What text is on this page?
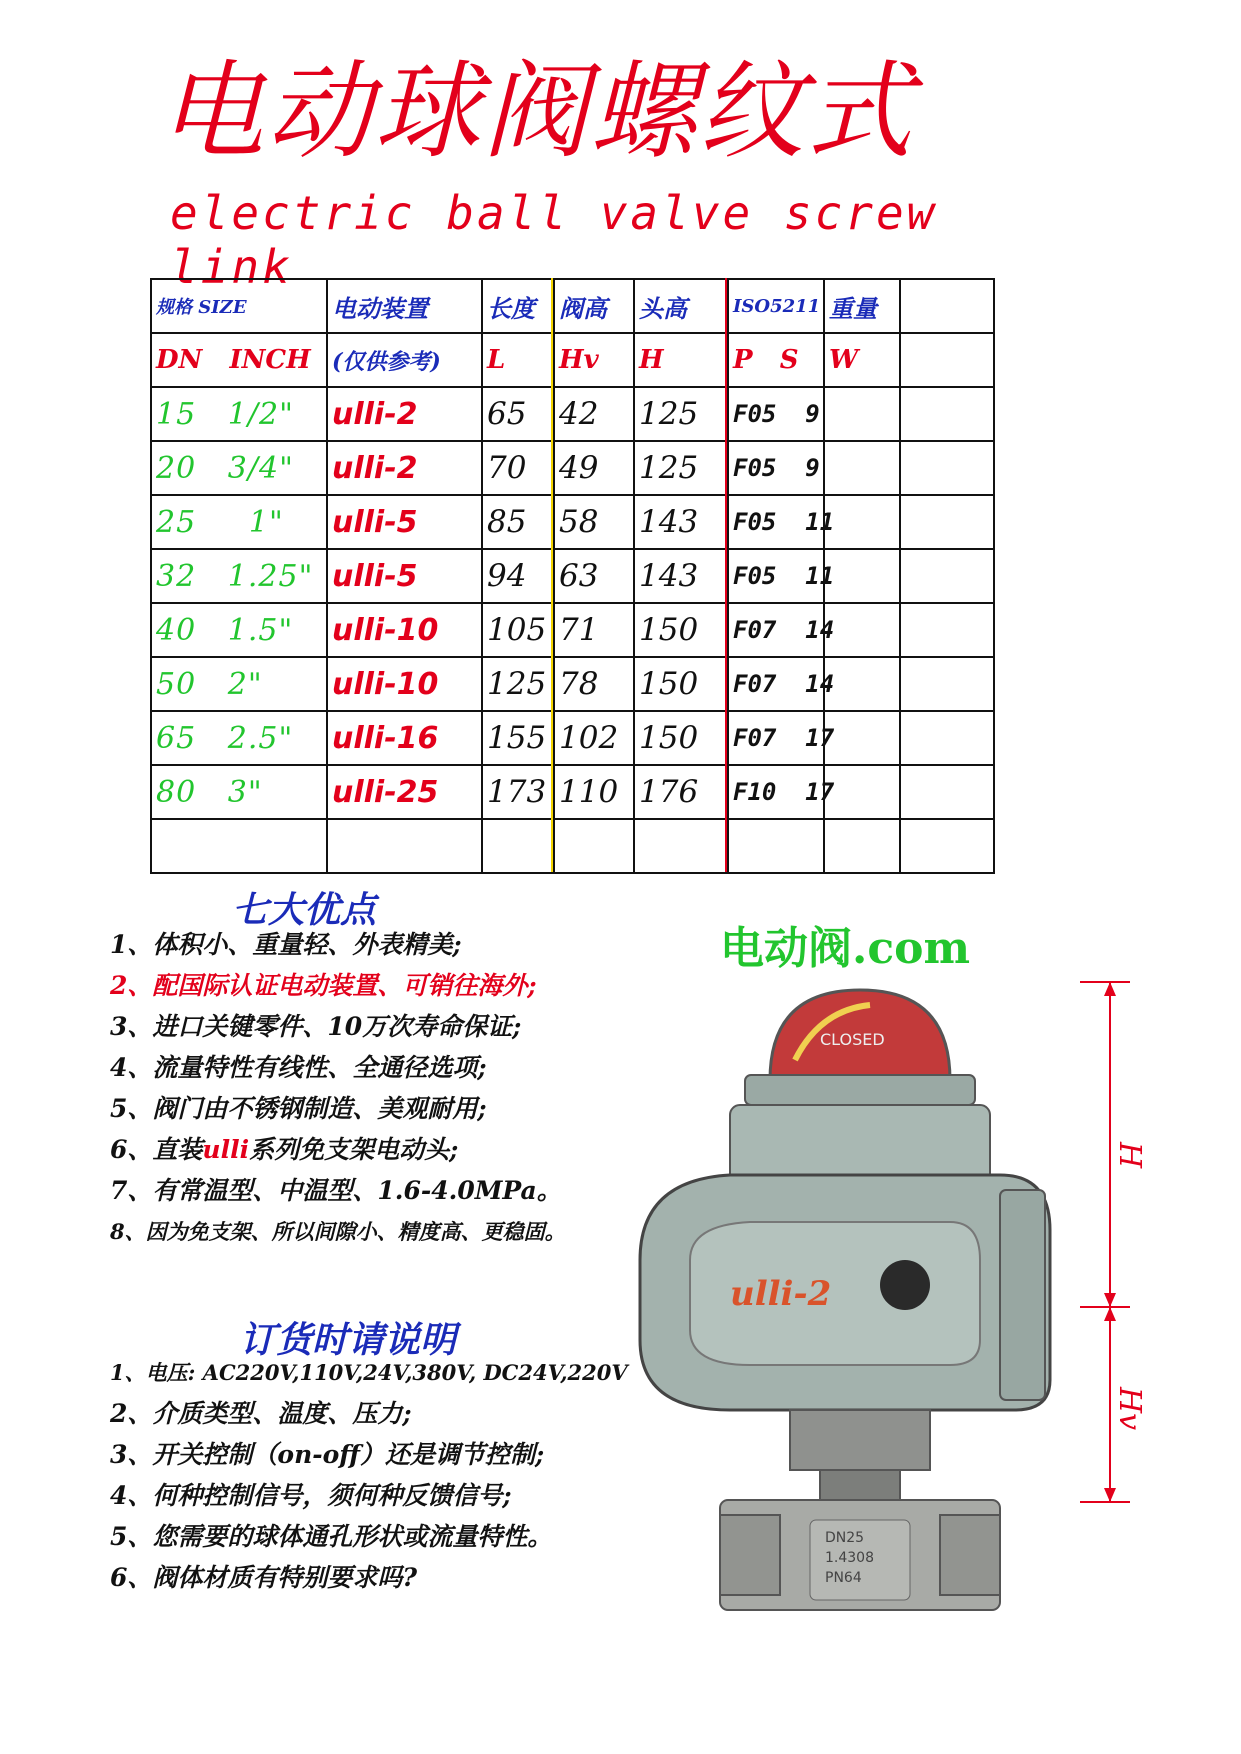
电动球阀螺纹式
electric ball valve screw link
规格 SIZE	电动装置	长度	阀高	头高	ISO5211	重量	
DN   INCH	(仅供参考)	L	Hv	H	P   S	W	
15   1/2"	ulli-2	65	42	125	F05  9		
20   3/4"	ulli-2	70	49	125	F05  9		
25     1"	ulli-5	85	58	143	F05  11		
32   1.25"	ulli-5	94	63	143	F05  11		
40   1.5"	ulli-10	105	71	150	F07  14		
50   2"	ulli-10	125	78	150	F07  14		
65   2.5"	ulli-16	155	102	150	F07  17		
80   3"	ulli-25	173	110	176	F10  17		

七大优点
1、体积小、重量轻、外表精美;
2、配国际认证电动装置、可销往海外;
3、进口关键零件、10万次寿命保证;
4、流量特性有线性、全通径选项;
5、阀门由不锈钢制造、美观耐用;
6、直装ulli系列免支架电动头;
7、有常温型、中温型、1.6-4.0MPa。
8、因为免支架、所以间隙小、精度高、更稳固。
订货时请说明
1、电压: AC220V,110V,24V,380V, DC24V,220V
2、介质类型、温度、压力;
3、开关控制（on-off）还是调节控制;
4、何种控制信号，须何种反馈信号;
5、您需要的球体通孔形状或流量特性。
6、阀体材质有特别要求吗?
电动阀.com
CLOSED
ulli-2
DN25
1.4308
PN64
H
Hv
